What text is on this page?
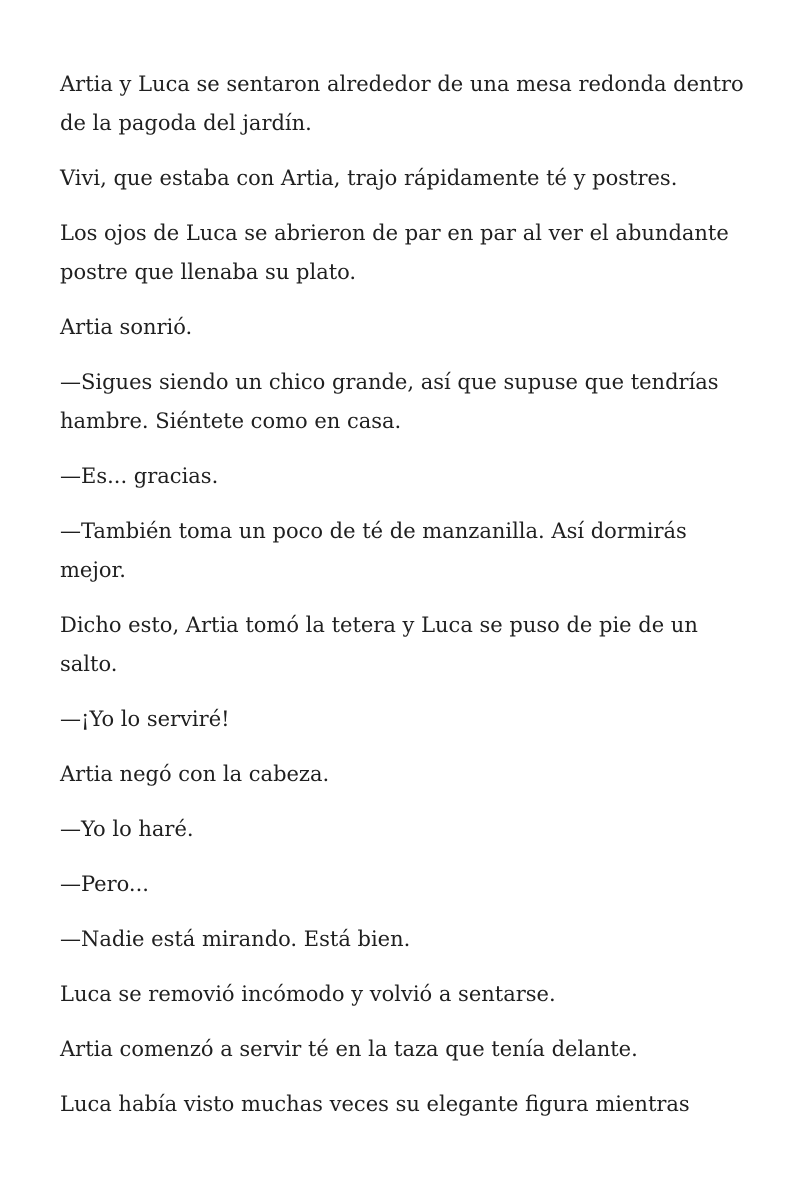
Artia y Luca se sentaron alrededor de una mesa redonda dentro de la pagoda del jardín.

Vivi, que estaba con Artia, trajo rápidamente té y postres.

Los ojos de Luca se abrieron de par en par al ver el abundante postre que llenaba su plato.

Artia sonrió.

—Sigues siendo un chico grande, así que supuse que tendrías hambre. Siéntete como en casa.

—Es... gracias.

—También toma un poco de té de manzanilla. Así dormirás mejor.

Dicho esto, Artia tomó la tetera y Luca se puso de pie de un salto.

—¡Yo lo serviré!

Artia negó con la cabeza.

—Yo lo haré.

—Pero...

—Nadie está mirando. Está bien.

Luca se removió incómodo y volvió a sentarse.

Artia comenzó a servir té en la taza que tenía delante.

Luca había visto muchas veces su elegante figura mientras
